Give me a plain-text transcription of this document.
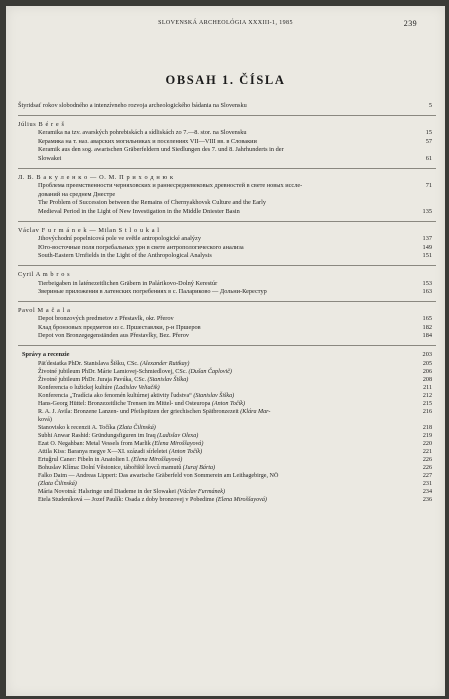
SLOVENSKÁ ARCHEOLÓGIA XXXIII-1, 1985	239
OBSAH 1. ČÍSLA
Štyridsať rokov slobodného a intenzívneho rozvoja archeologického bádania na Slovensku	5
Július B é r e š
Keramika na tzv. avarských pohrebiskách a sídliskách zo 7.—8. stor. na Slovensku	15
Керамика на т. наз. аварских могильниках и поселениях VII—VIII вв. в Словакии	57
Keramik aus den sog. awarischen Gräberfeldern und Siedlungen des 7. und 8. Jahrhunderts in der
Slowakei	61
Л. В. В а к у л е н к о — О. М. П р и х о д н ю к
Проблема преемственности черняховских и раннесредневековых древностей в свете новых иссле-	71
дований на среднем Днестре
The Problem of Succession between the Remains of Chernyakhovsk Culture and the Early
Medieval Period in the Light of New Investigation in the Middle Dniester Basin	135
Václav F u r m á n e k — Milan S t l o u k a l
Jihovýchodní popelnicová pole ve světle antropologické analýzy	137
Юго-восточные поля погребальных урн в свете антропологического анализа	149
South-Eastern Urnfields in the Light of the Anthropological Analysis	151
Cyril A m b r o s
Tierbeigaben in laténezeitlichen Gräbern in Palárikovo-Dolný Kerestúr	153
Звериные приложения в латенских погребениях в с. Палариково — Дольни-Керестур	163
Pavol M a č a l a
Depot bronzových predmetov z Přestavlk, okr. Přerov	165
Клад бронзовых предметов из с. Пршеставлки, р-н Пршеров	182
Depot von Bronzegegenständen aus Přestavlky, Bez. Přerov	184
Správy a recenzie	203
Päťdesiatka PhDr. Stanislava Šišku, CSc. (Alexander Ruttkay)	205
Životné jubileum PhDr. Márie Lamiovej-Schmiedlovej, CSc. (Dušan Čaplovič)	206
Životné jubileum PhDr. Juraja Pavúka, CSc. (Stanislav Šiška)	208
Konferencia o lužickej kultúre (Ladislav Veliačik)	211
Konferencia „Tradícia ako fenomén kultúrnej aktivity ľudstva“ (Stanislav Šiška)	212
Hans-Georg Hüttel: Bronzezeitliche Trensen im Mittel- und Osteuropa (Anton Točík)	215
R. A. J. Avila: Bronzene Lanzen- und Pfeilspitzen der griechischen Spätbronzezeit (Klára Mar-	216
ková)
Stanovisko k recenzii A. Točíka (Zlata Čilinská)	218
Subhi Anwar Rashid: Gründungsfiguren im Iraq (Ladislav Olexa)	219
Ezat O. Negahban: Metal Vessels from Marlik (Elena Miroššayová)	220
Attila Kiss: Baranya megye X—XI. századi sírleletei (Anton Točík)	221
Ertuğrul Caner: Fibeln in Anatolien I. (Elena Miroššayová)	226
Bohuslav Klíma: Dolní Věstonice, tábořiště lovců mamutů (Juraj Bárta)	226
Falko Daim — Andreas Lippert: Das awarische Gräberfeld von Sommerein am Leithagebirge, NÖ	227
(Zlata Čilinská)	231
Mária Novotná: Halsringe und Diademe in der Slowakei (Václav Furmánek)	234
Etela Studeníková — Jozef Paulík: Osada z doby bronzovej v Pobedime (Elena Miroššayová)	236
